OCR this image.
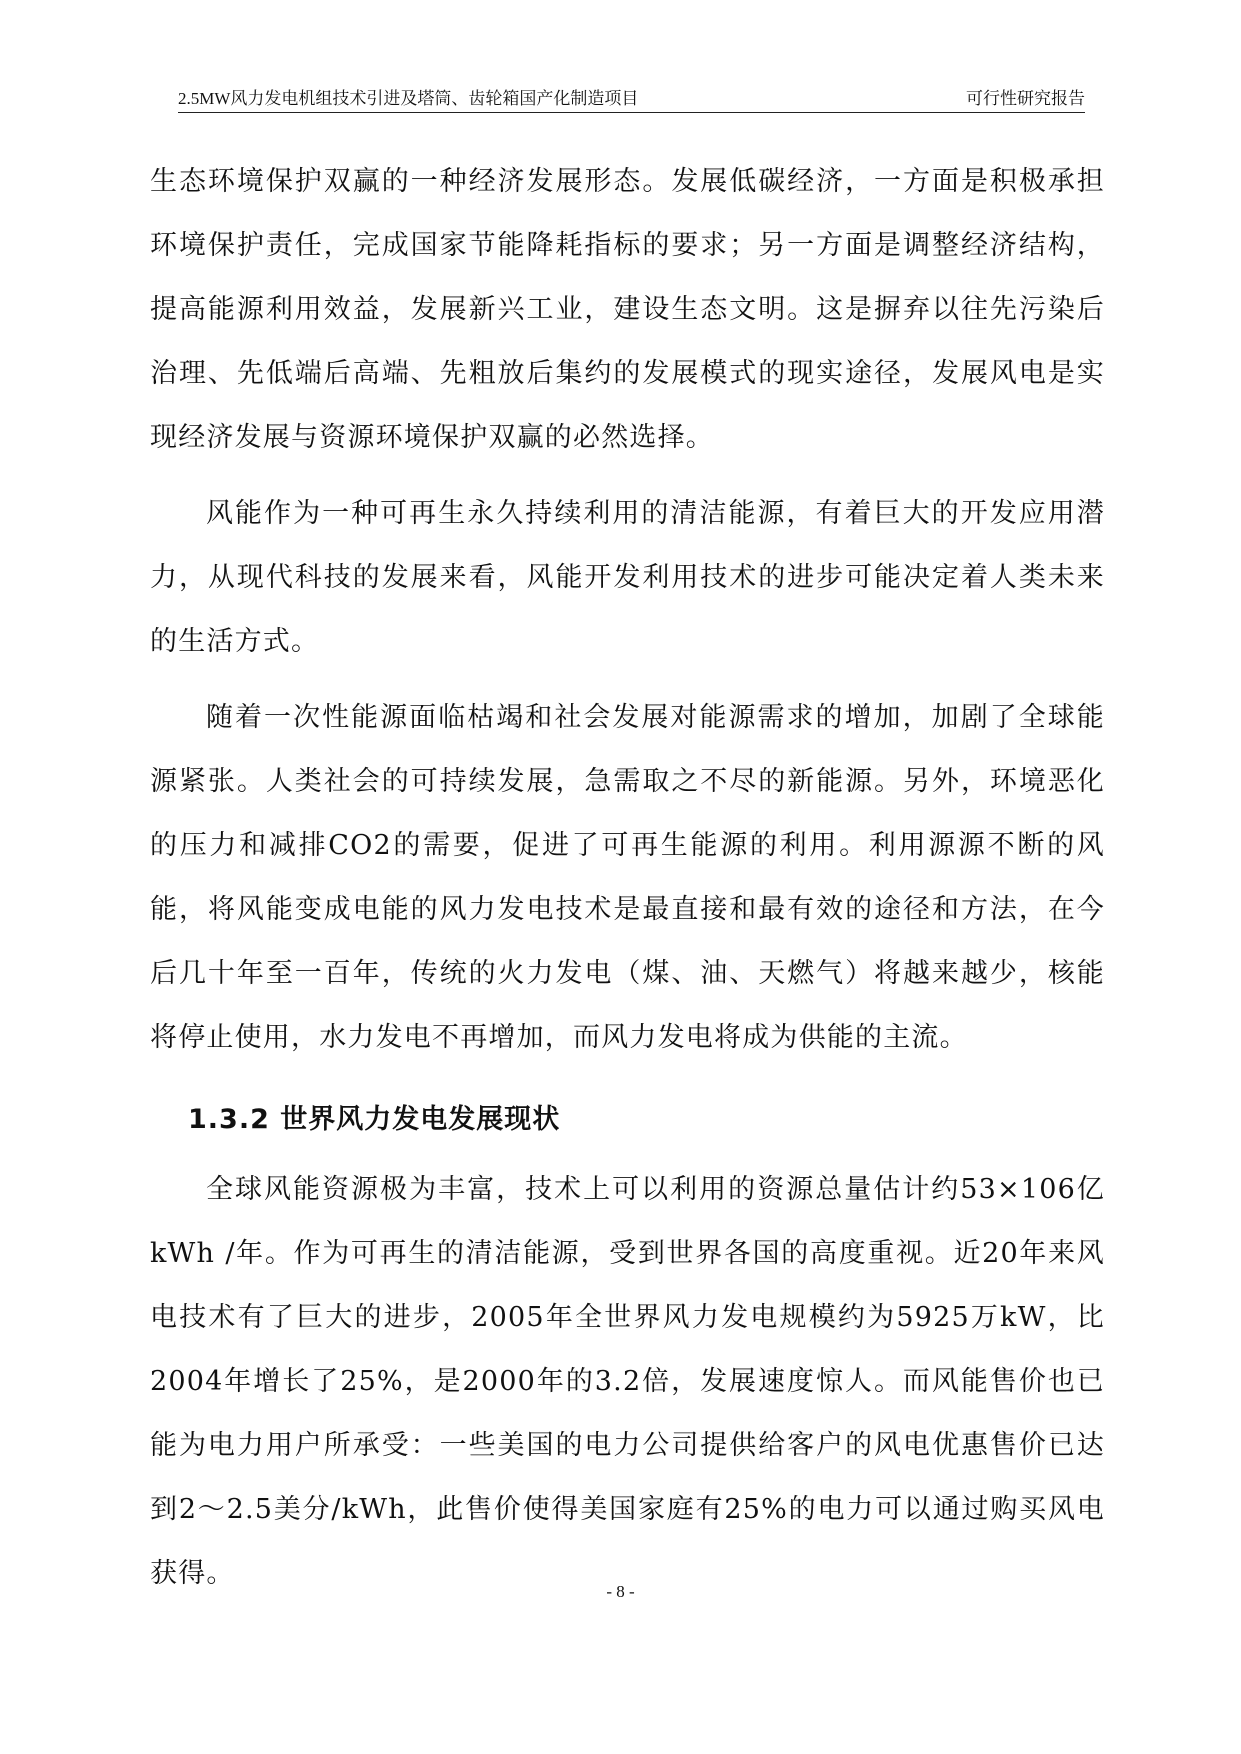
2.5MW风力发电机组技术引进及塔筒、齿轮箱国产化制造项目	可行性研究报告

生态环境保护双赢的一种经济发展形态。发展低碳经济，一方面是积极承担环境保护责任，完成国家节能降耗指标的要求；另一方面是调整经济结构，提高能源利用效益，发展新兴工业，建设生态文明。这是摒弃以往先污染后治理、先低端后高端、先粗放后集约的发展模式的现实途径，发展风电是实现经济发展与资源环境保护双赢的必然选择。

风能作为一种可再生永久持续利用的清洁能源，有着巨大的开发应用潜力，从现代科技的发展来看，风能开发利用技术的进步可能决定着人类未来的生活方式。

随着一次性能源面临枯竭和社会发展对能源需求的增加，加剧了全球能源紧张。人类社会的可持续发展，急需取之不尽的新能源。另外，环境恶化的压力和减排CO2的需要，促进了可再生能源的利用。利用源源不断的风能，将风能变成电能的风力发电技术是最直接和最有效的途径和方法，在今后几十年至一百年，传统的火力发电（煤、油、天燃气）将越来越少，核能将停止使用，水力发电不再增加，而风力发电将成为供能的主流。

1.3.2 世界风力发电发展现状

全球风能资源极为丰富，技术上可以利用的资源总量估计约53×106亿kWh /年。作为可再生的清洁能源，受到世界各国的高度重视。近20年来风电技术有了巨大的进步，2005年全世界风力发电规模约为5925万kW，比2004年增长了25%，是2000年的3.2倍，发展速度惊人。而风能售价也已能为电力用户所承受：一些美国的电力公司提供给客户的风电优惠售价已达到2～2.5美分/kWh，此售价使得美国家庭有25%的电力可以通过购买风电获得。

- 8 -
